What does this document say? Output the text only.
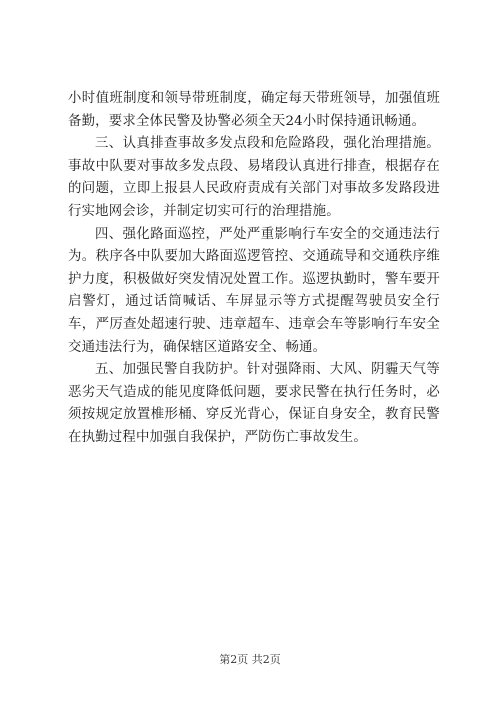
小时值班制度和领导带班制度，确定每天带班领导，加强值班备勤，要求全体民警及协警必须全天24小时保持通讯畅通。

三、认真排查事故多发点段和危险路段，强化治理措施。事故中队要对事故多发点段、易堵段认真进行排查，根据存在的问题，立即上报县人民政府责成有关部门对事故多发路段进行实地网会诊，并制定切实可行的治理措施。

四、强化路面巡控，严处严重影响行车安全的交通违法行为。秩序各中队要加大路面巡逻管控、交通疏导和交通秩序维护力度，积极做好突发情况处置工作。巡逻执勤时，警车要开启警灯，通过话筒喊话、车屏显示等方式提醒驾驶员安全行车，严厉查处超速行驶、违章超车、违章会车等影响行车安全交通违法行为，确保辖区道路安全、畅通。

五、加强民警自我防护。针对强降雨、大风、阴霾天气等恶劣天气造成的能见度降低问题，要求民警在执行任务时，必须按规定放置椎形桶、穿反光背心，保证自身安全，教育民警在执勤过程中加强自我保护，严防伤亡事故发生。

第2页 共2页
